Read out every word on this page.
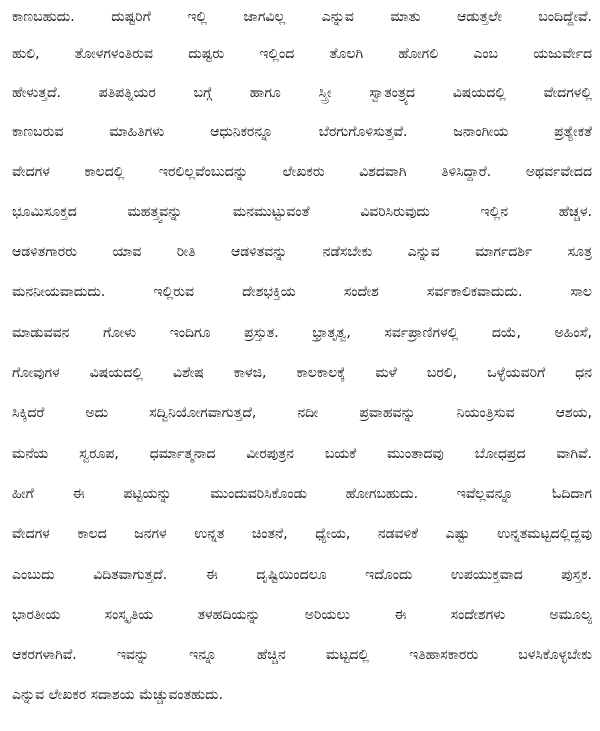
ಕಾಣಬಹುದು. ದುಷ್ಟರಿಗೆ ಇಲ್ಲಿ ಜಾಗವಿಲ್ಲ ಎನ್ನುವ ಮಾತು ಆಡುತ್ತಲೇ ಬಂದಿದ್ದೇವೆ.
ಹುಲಿ, ತೋಳಗಳಂತಿರುವ ದುಷ್ಟರು ಇಲ್ಲಿಂದ ತೊಲಗಿ ಹೋಗಲಿ ಎಂಬ ಯಜುರ್ವೇದ
ಹೇಳುತ್ತದೆ. ಪತಿಪತ್ನಿಯರ ಬಗ್ಗೆ ಹಾಗೂ ಸ್ತ್ರೀ ಸ್ವಾತಂತ್ರ್ಯದ ವಿಷಯದಲ್ಲಿ ವೇದಗಳಲ್ಲಿ
ಕಾಣಬರುವ ಮಾಹಿತಿಗಳು ಆಧುನಿಕರನ್ನೂ ಬೆರಗುಗೊಳಿಸುತ್ತವೆ. ಜನಾಂಗೀಯ ಪ್ರತ್ಯೇಕತೆ
ವೇದಗಳ ಕಾಲದಲ್ಲಿ ಇರಲಿಲ್ಲವೆಂಬುದನ್ನು ಲೇಖಕರು ವಿಶದವಾಗಿ ತಿಳಿಸಿದ್ದಾರೆ. ಅಥರ್ವವೇದದ
ಭೂಮಿಸೂಕ್ತದ ಮಹತ್ತ್ವವನ್ನು ಮನಮುಟ್ಟುವಂತೆ ವಿವರಿಸಿರುವುದು ಇಲ್ಲಿನ ಹೆಚ್ಚಳ.
ಆಡಳಿತಗಾರರು ಯಾವ ರೀತಿ ಆಡಳಿತವನ್ನು ನಡೆಸಬೇಕು ಎನ್ನುವ ಮಾರ್ಗದರ್ಶಿ ಸೂತ್ರ
ಮನನೀಯವಾದುದು. ಇಲ್ಲಿರುವ ದೇಶಭಕ್ತಿಯ ಸಂದೇಶ ಸರ್ವಕಾಲಿಕವಾದುದು. ಸಾಲ
ಮಾಡುವವನ ಗೋಳು ಇಂದಿಗೂ ಪ್ರಸ್ತುತ. ಭ್ರಾತೃತ್ವ, ಸರ್ವಪ್ರಾಣಿಗಳಲ್ಲಿ ದಯೆ, ಅಹಿಂಸೆ,
ಗೋವುಗಳ ವಿಷಯದಲ್ಲಿ ವಿಶೇಷ ಕಾಳಜಿ, ಕಾಲಕಾಲಕ್ಕೆ ಮಳೆ ಬರಲಿ, ಒಳ್ಳೆಯವರಿಗೆ ಧನ
ಸಿಕ್ಕಿದರೆ ಅದು ಸದ್ವಿನಿಯೋಗವಾಗುತ್ತದೆ, ನದೀ ಪ್ರವಾಹವನ್ನು ನಿಯಂತ್ರಿಸುವ ಆಶಯ,
ಮನೆಯ ಸ್ವರೂಪ, ಧರ್ಮಾತ್ಮನಾದ ವೀರಪುತ್ರನ ಬಯಕೆ ಮುಂತಾದವು ಬೋಧಪ್ರದ ವಾಗಿವೆ.
ಹೀಗೆ ಈ ಪಟ್ಟಿಯನ್ನು ಮುಂದುವರಿಸಿಕೊಂಡು ಹೋಗಬಹುದು. ಇವೆಲ್ಲವನ್ನೂ ಓದಿದಾಗ
ವೇದಗಳ ಕಾಲದ ಜನಗಳ ಉನ್ನತ ಚಿಂತನೆ, ಧ್ಯೇಯ, ನಡವಳಿಕೆ ಎಷ್ಟು ಉನ್ನತಮಟ್ಟದಲ್ಲಿದ್ದವು
ಎಂಬುದು ವಿದಿತವಾಗುತ್ತದೆ. ಈ ದೃಷ್ಟಿಯಿಂದಲೂ ಇದೊಂದು ಉಪಯುಕ್ತವಾದ ಪುಸ್ತಕ.
ಭಾರತೀಯ ಸಂಸ್ಕೃತಿಯ ತಳಹದಿಯನ್ನು ಅರಿಯಲು ಈ ಸಂದೇಶಗಳು ಅಮೂಲ್ಯ
ಆಕರಗಳಾಗಿವೆ. ಇವನ್ನು ಇನ್ನೂ ಹೆಚ್ಚಿನ ಮಟ್ಟದಲ್ಲಿ ಇತಿಹಾಸಕಾರರು ಬಳಸಿಕೊಳ್ಳಬೇಕು
ಎನ್ನುವ ಲೇಖಕರ ಸದಾಶಯ ಮೆಚ್ಚುವಂತಹುದು.
